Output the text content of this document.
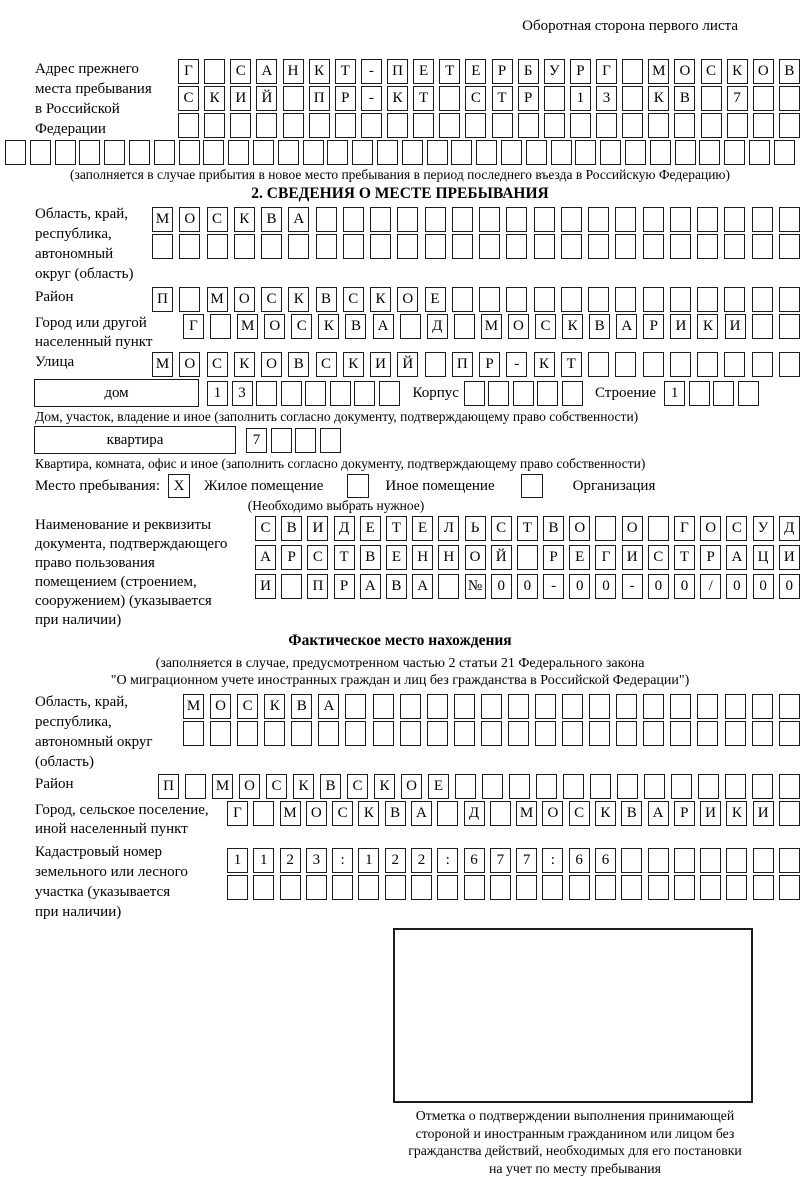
Оборотная сторона первого листа
Адрес прежнего
места пребывания
в Российской
Федерации
Г	С	А	Н	К	Т	-	П	Е	Т	Е	Р	Б	У	Р	Г	М О	С	К	О	В
С	К	И	Й	П	Р	-	К	Т	С	Т	Р	1	3	К	В	7
(заполняется в случае прибытия в новое место пребывания в период последнего въезда в Российскую Федерацию)
2. СВЕДЕНИЯ О МЕСТЕ ПРЕБЫВАНИЯ
Область, край,
республика,
автономный
округ (область)
М	О	С	К	В	А
Район	П	М	О	С	К	В	С	К	О	Е
Город или другой
населенный пункт
Г	М О	С	К	В	А	Д	М О	С	К	В	А	Р	И	К	И
Улица	М	О	С	К	О	В	С	К	И	Й	П	Р	-	К	Т
дом	1	3	Корпус	Строение 1
Дом, участок, владение и иное (заполнить согласно документу, подтверждающему право собственности)
квартира	7
Квартира, комната, офис и иное (заполнить согласно документу, подтверждающему право собственности)
Место пребывания: X	Жилое помещение	Иное помещение	Организация
(Необходимо выбрать нужное)
Наименование и реквизиты
документа, подтверждающего
право пользования
помещением (строением,
сооружением) (указывается
при наличии)
С	В	И	Д	Е	Т	Е	Л	Ь	С	Т	В	О	О	Г	О	С	У	Д
А	Р	С	Т	В	Е	Н	Н	О	Й	Р	Е	Г	И	С	Т	Р	А	Ц	И
И	П	Р	А	В	А	№	0	0	-	0	0	-	0	0	/	0	0	0
Фактическое место нахождения
(заполняется в случае, предусмотренном частью 2 статьи 21 Федерального закона
"О миграционном учете иностранных граждан и лиц без гражданства в Российской Федерации")
Область, край,
республика,
автономный округ
(область)
М О	С	К	В	А
Район	П	М О	С	К	В	С	К	О	Е
Город, сельское поселение,
иной населенный пункт
Г	М О	С	К	В	А	Д	М О	С	К	В	А	Р	И	К	И
Кадастровый номер
земельного или лесного
участка (указывается
при наличии)
1	1	2	3	:	1	2	2	:	6	7	7	:	6	6
Отметка о подтверждении выполнения принимающей
стороной и иностранным гражданином или лицом без
гражданства действий, необходимых для его постановки
на учет по месту пребывания
